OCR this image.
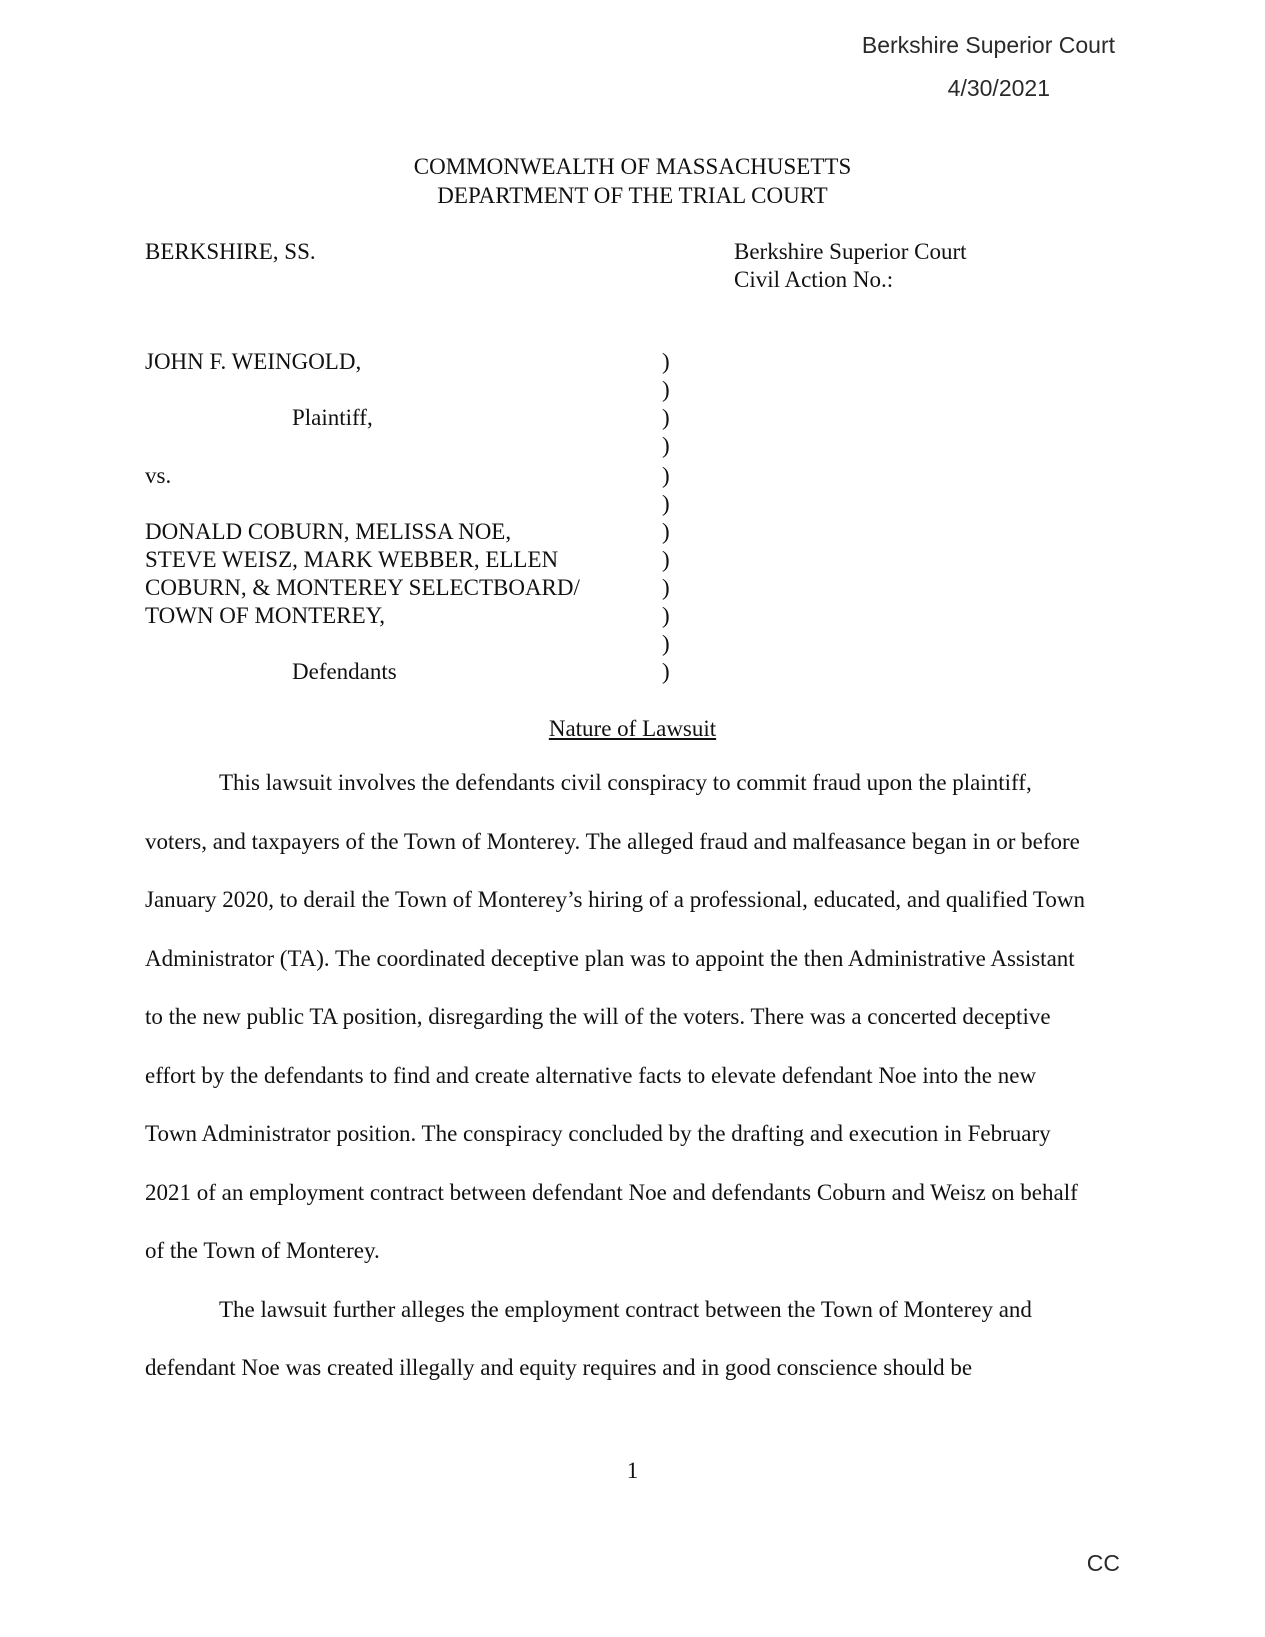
Berkshire Superior Court
4/30/2021
COMMONWEALTH OF MASSACHUSETTS
DEPARTMENT OF THE TRIAL COURT
BERKSHIRE, SS.	Berkshire Superior Court
Civil Action No.:
JOHN F. WEINGOLD,
Plaintiff,
vs.
DONALD COBURN, MELISSA NOE,
STEVE WEISZ, MARK WEBBER, ELLEN
COBURN, & MONTEREY SELECTBOARD/
TOWN OF MONTEREY,
Defendants
)
)
)
)
)
)
)
)
)
)
)
)
Nature of Lawsuit

This lawsuit involves the defendants civil conspiracy to commit fraud upon the plaintiff, voters, and taxpayers of the Town of Monterey. The alleged fraud and malfeasance began in or before January 2020, to derail the Town of Monterey’s hiring of a professional, educated, and qualified Town Administrator (TA). The coordinated deceptive plan was to appoint the then Administrative Assistant to the new public TA position, disregarding the will of the voters. There was a concerted deceptive effort by the defendants to find and create alternative facts to elevate defendant Noe into the new Town Administrator position. The conspiracy concluded by the drafting and execution in February 2021 of an employment contract between defendant Noe and defendants Coburn and Weisz on behalf of the Town of Monterey.

The lawsuit further alleges the employment contract between the Town of Monterey and defendant Noe was created illegally and equity requires and in good conscience should be

1
CC
